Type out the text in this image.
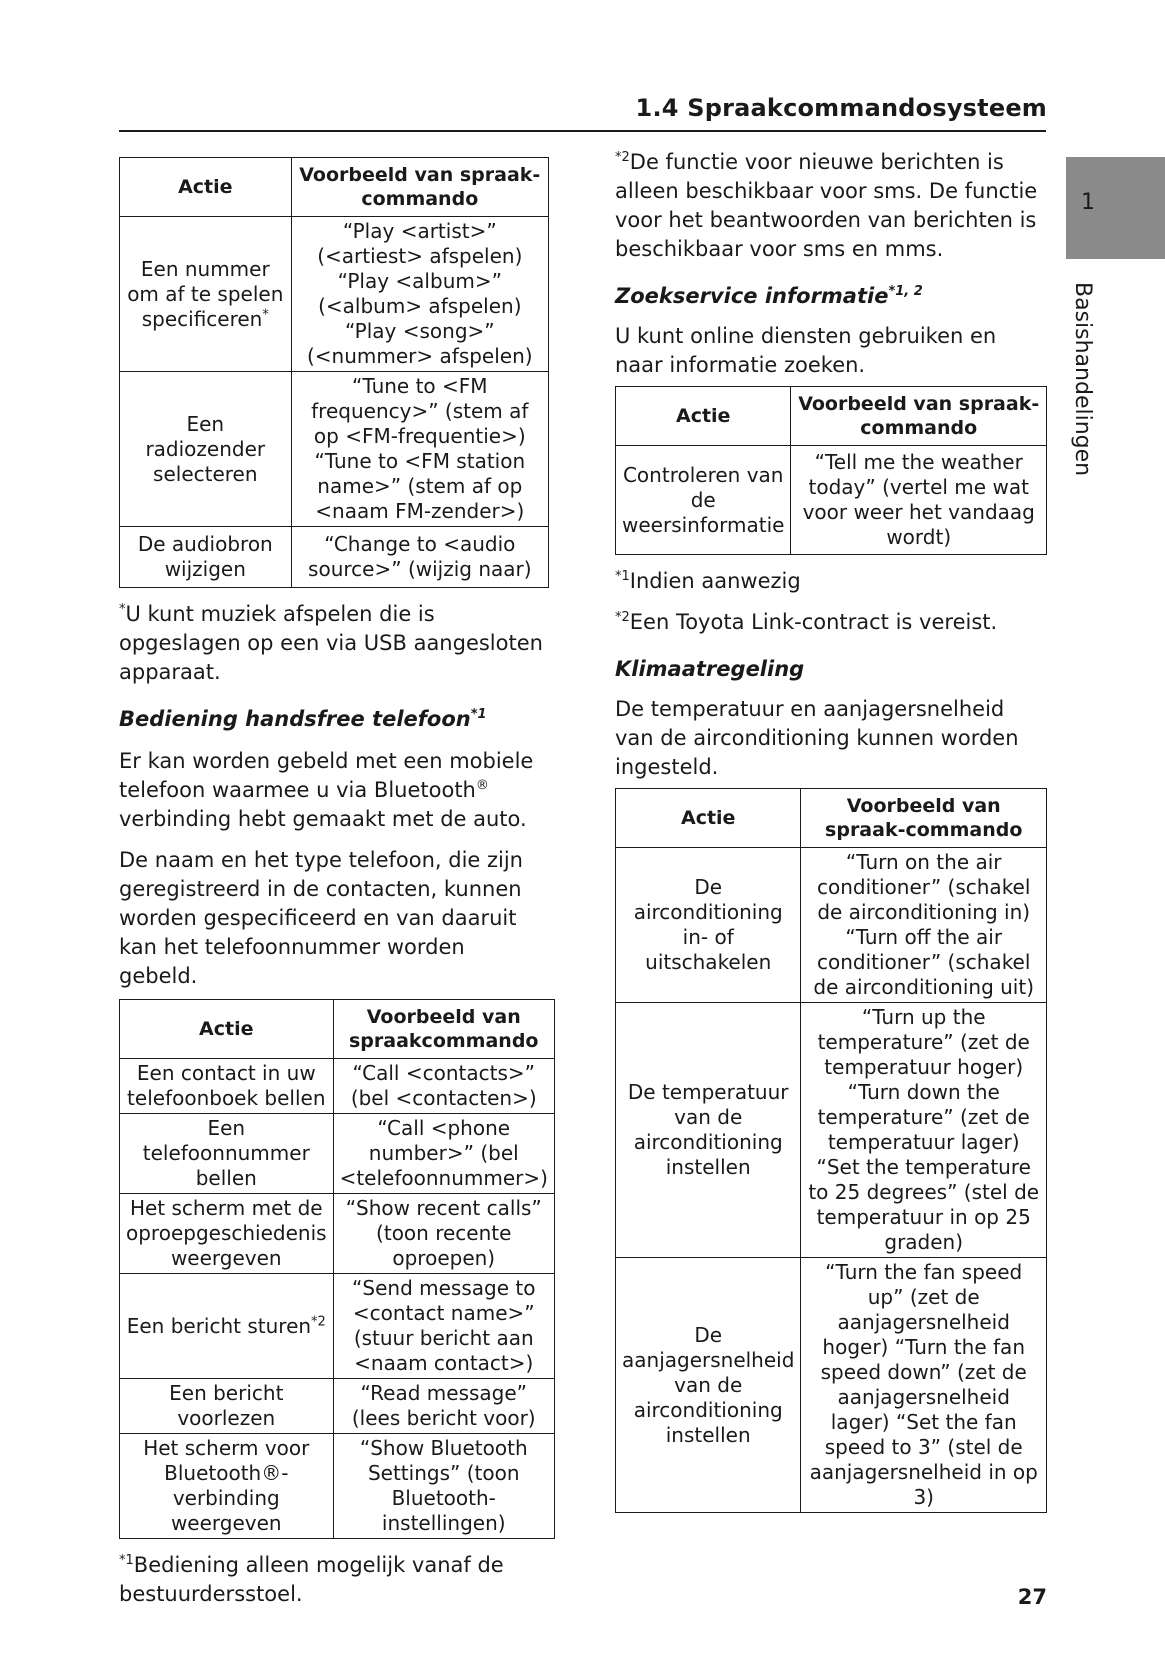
1.4 Spraakcommandosysteem
1
Basishandelingen
Actie	Voorbeeld van spraak-commando
Een nummer om af te spelen specificeren*	“Play <artist>” (<artiest> afspelen) “Play <album>” (<album> afspelen) “Play <song>” (<nummer> afspelen)
Een radiozender selecteren	“Tune to <FM frequency>” (stem af op <FM-frequentie>) “Tune to <FM station name>” (stem af op <naam FM-zender>)
De audiobron wijzigen	“Change to <audio source>” (wijzig naar)

*U kunt muziek afspelen die is opgeslagen op een via USB aangesloten apparaat.

Bediening handsfree telefoon$^{*1}$

Er kan worden gebeld met een mobiele telefoon waarmee u via Bluetooth® verbinding hebt gemaakt met de auto.

De naam en het type telefoon, die zijn geregistreerd in de contacten, kunnen worden gespecificeerd en van daaruit kan het telefoonnummer worden gebeld.

Actie	Voorbeeld van spraakcommando
Een contact in uw telefoonboek bellen	“Call <contacts>” (bel <contacten>)
Een telefoonnummer bellen	“Call <phone number>” (bel <telefoonnummer>)
Het scherm met de oproepgeschiedenis weergeven	“Show recent calls” (toon recente oproepen)
Een bericht sturen$^{*2}$	“Send message to <contact name>” (stuur bericht aan <naam contact>)
Een bericht voorlezen	“Read message” (lees bericht voor)
Het scherm voor Bluetooth®- verbinding weergeven	“Show Bluetooth Settings” (toon Bluetooth-instellingen)

$^{*1}$Bediening alleen mogelijk vanaf de bestuurdersstoel.

$^{*2}$De functie voor nieuwe berichten is alleen beschikbaar voor sms. De functie voor het beantwoorden van berichten is beschikbaar voor sms en mms.

Zoekservice informatie$^{*1, 2}$

U kunt online diensten gebruiken en naar informatie zoeken.

Actie	Voorbeeld van spraak-commando
Controleren van de weersinformatie	“Tell me the weather today” (vertel me wat voor weer het vandaag wordt)

$^{*1}$Indien aanwezig

$^{*2}$Een Toyota Link-contract is vereist.

Klimaatregeling

De temperatuur en aanjagersnelheid van de airconditioning kunnen worden ingesteld.

Actie	Voorbeeld van spraak-commando
De airconditioning in- of uitschakelen	“Turn on the air conditioner” (schakel de airconditioning in) “Turn off the air conditioner” (schakel de airconditioning uit)
De temperatuur van de airconditioning instellen	“Turn up the temperature” (zet de temperatuur hoger) “Turn down the temperature” (zet de temperatuur lager) “Set the temperature to 25 degrees” (stel de temperatuur in op 25 graden)
De aanjagersnelheid van de airconditioning instellen	“Turn the fan speed up” (zet de aanjagersnelheid hoger) “Turn the fan speed down” (zet de aanjagersnelheid lager) “Set the fan speed to 3” (stel de aanjagersnelheid in op 3)
27
